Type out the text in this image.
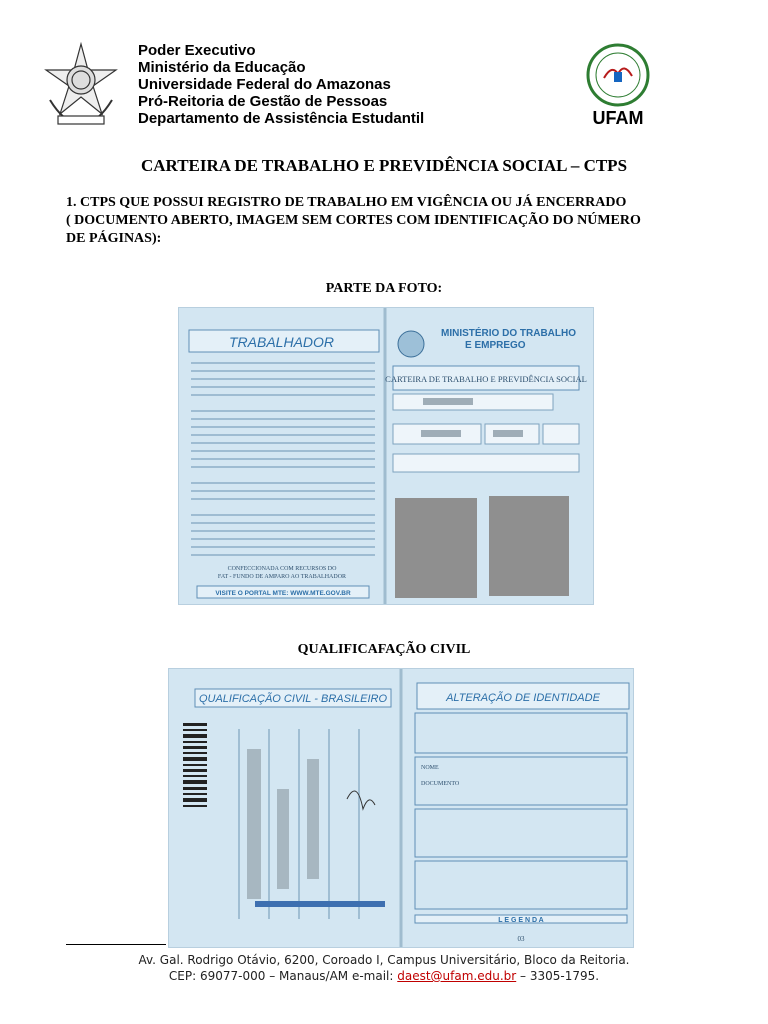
Poder Executivo
Ministério da Educação
Universidade Federal do Amazonas
Pró-Reitoria de Gestão de Pessoas
Departamento de Assistência Estudantil	UFAM
CARTEIRA DE TRABALHO E PREVIDÊNCIA SOCIAL – CTPS
1. CTPS QUE POSSUI REGISTRO DE TRABALHO EM VIGÊNCIA OU JÁ ENCERRADO
( DOCUMENTO ABERTO, IMAGEM SEM CORTES COM IDENTIFICAÇÃO DO NÚMERO
DE PÁGINAS):
PARTE DA FOTO:
TRABALHADOR
CONFECCIONADA COM RECURSOS DO
FAT - FUNDO DE AMPARO AO TRABALHADOR
VISITE O PORTAL MTE: WWW.MTE.GOV.BR
MINISTÉRIO DO TRABALHO
E EMPREGO
CARTEIRA DE TRABALHO E PREVIDÊNCIA SOCIAL
QUALIFICAFAÇÃO CIVIL
QUALIFICAÇÃO CIVIL - BRASILEIRO	ALTERAÇÃO DE IDENTIDADE
NOME
DOCUMENTO
L E G E N D A
03
Av. Gal. Rodrigo Otávio, 6200, Coroado I, Campus Universitário, Bloco da Reitoria.
CEP: 69077-000 – Manaus/AM e-mail: daest@ufam.edu.br – 3305-1795.
